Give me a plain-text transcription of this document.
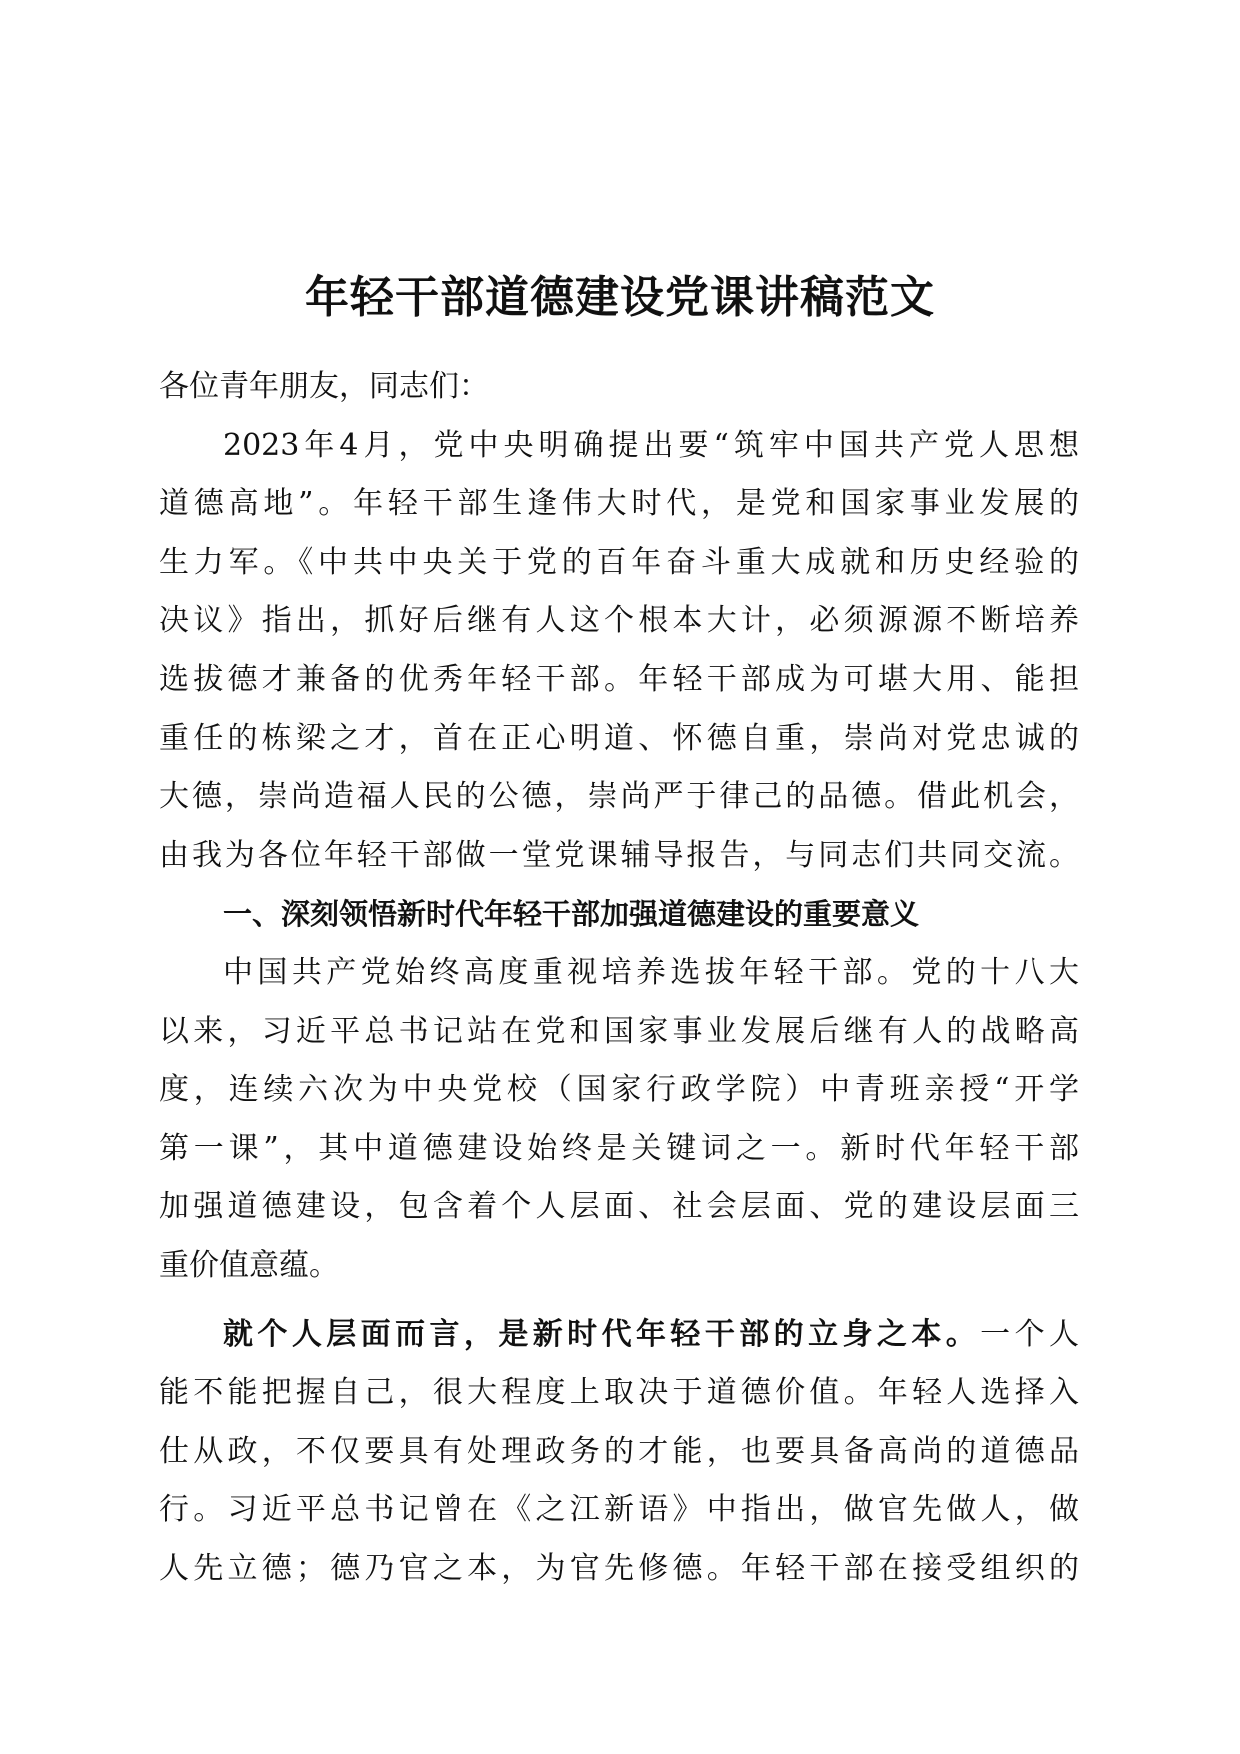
年轻干部道德建设党课讲稿范文
各位青年朋友，同志们：
2023年4月，党中央明确提出要“筑牢中国共产党人思想
道德高地”。年轻干部生逢伟大时代，是党和国家事业发展的
生力军。《中共中央关于党的百年奋斗重大成就和历史经验的
决议》指出，抓好后继有人这个根本大计，必须源源不断培养
选拔德才兼备的优秀年轻干部。年轻干部成为可堪大用、能担
重任的栋梁之才，首在正心明道、怀德自重，崇尚对党忠诚的
大德，崇尚造福人民的公德，崇尚严于律己的品德。借此机会，
由我为各位年轻干部做一堂党课辅导报告，与同志们共同交流。
一、深刻领悟新时代年轻干部加强道德建设的重要意义
中国共产党始终高度重视培养选拔年轻干部。党的十八大
以来，习近平总书记站在党和国家事业发展后继有人的战略高
度，连续六次为中央党校（国家行政学院）中青班亲授“开学
第一课”，其中道德建设始终是关键词之一。新时代年轻干部
加强道德建设，包含着个人层面、社会层面、党的建设层面三
重价值意蕴。
就个人层面而言，是新时代年轻干部的立身之本。一个人
能不能把握自己，很大程度上取决于道德价值。年轻人选择入
仕从政，不仅要具有处理政务的才能，也要具备高尚的道德品
行。习近平总书记曾在《之江新语》中指出，做官先做人，做
人先立德；德乃官之本，为官先修德。年轻干部在接受组织的
